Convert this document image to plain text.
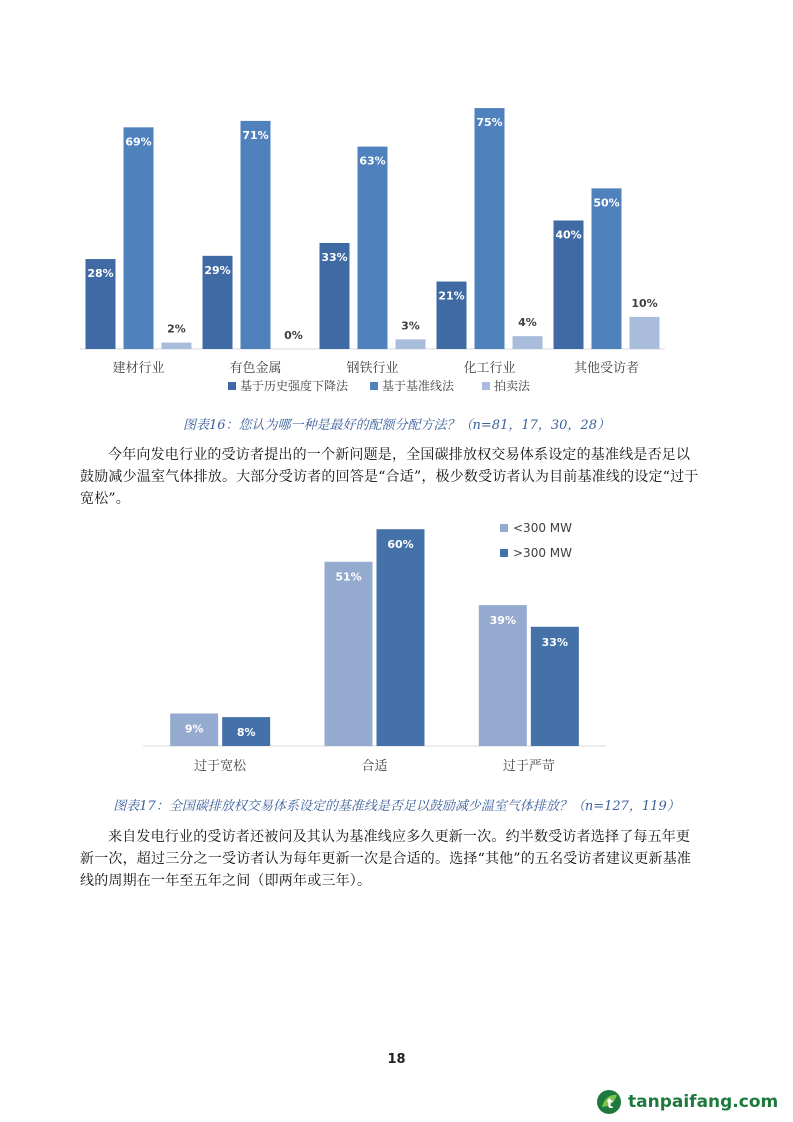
28%
69%
2%
建材行业
29%
71%
0%
有色金属
33%
63%
3%
钢铁行业
21%
75%
4%
化工行业
40%
50%
10%
其他受访者
基于历史强度下降法	基于基准线法	拍卖法
图表16：您认为哪一种是最好的配额分配方法？（n=81，17，30，28）

今年向发电行业的受访者提出的一个新问题是，全国碳排放权交易体系设定的基准线是否足以鼓励减少温室气体排放。大部分受访者的回答是“合适”，极少数受访者认为目前基准线的设定“过于宽松”。

9%	8%
过于宽松
51%
60%
合适
39%
33%
过于严苛
<300 MW
>300 MW
图表17：全国碳排放权交易体系设定的基准线是否足以鼓励减少温室气体排放？（n=127，119）

来自发电行业的受访者还被问及其认为基准线应多久更新一次。约半数受访者选择了每五年更新一次，超过三分之一受访者认为每年更新一次是合适的。选择“其他”的五名受访者建议更新基准线的周期在一年至五年之间（即两年或三年）。

18
t tanpaifang.com
